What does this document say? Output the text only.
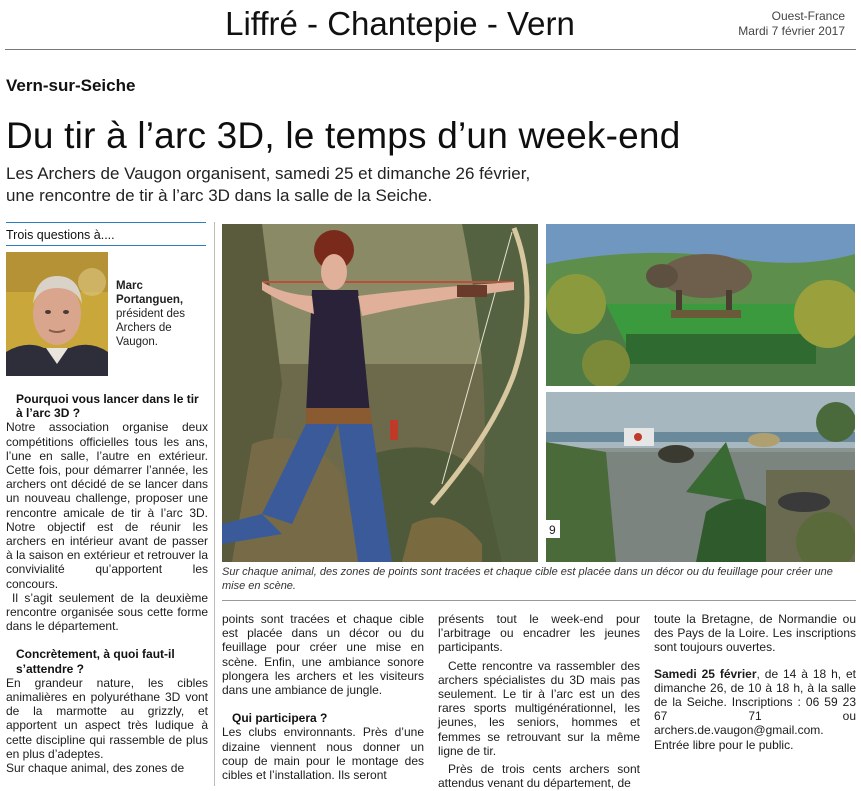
Liffré - Chantepie - Vern	Ouest-France
Mardi 7 février 2017
Vern-sur-Seiche
Du tir à l’arc 3D, le temps d’un week-end
Les Archers de Vaugon organisent, samedi 25 et dimanche 26 février,
une rencontre de tir à l’arc 3D dans la salle de la Seiche.
Trois questions à....
Marc
Portanguen,
président des
Archers de
Vaugon.

Pourquoi vous lancer dans le tir à l’arc 3D ?

Notre association organise deux compétitions officielles tous les ans, l’une en salle, l’autre en extérieur. Cette fois, pour démarrer l’année, les archers ont décidé de se lancer dans un nouveau challenge, proposer une rencontre amicale de tir à l’arc 3D. Notre objectif est de réunir les archers en intérieur avant de passer à la saison en extérieur et retrouver la convivialité qu’apportent les concours.

Il s’agit seulement de la deuxième rencontre organisée sous cette forme dans le département.

Concrètement, à quoi faut-il s’attendre ?

En grandeur nature, les cibles animalières en polyuréthane 3D vont de la marmotte au grizzly, et apportent un aspect très ludique à cette discipline qui rassemble de plus en plus d’adeptes.

Sur chaque animal, des zones de

9
Sur chaque animal, des zones de points sont tracées et chaque cible est placée dans un décor ou du feuillage pour créer une mise en scène.

points sont tracées et chaque cible est placée dans un décor ou du feuillage pour créer une mise en scène. Enfin, une ambiance sonore plongera les archers et les visiteurs dans une ambiance de jungle.

Qui participera ?

Les clubs environnants. Près d’une dizaine viennent nous donner un coup de main pour le montage des cibles et l’installation. Ils seront

présents tout le week-end pour l’arbitrage ou encadrer les jeunes participants.

Cette rencontre va rassembler des archers spécialistes du 3D mais pas seulement. Le tir à l’arc est un des rares sports multigénérationnel, les jeunes, les seniors, hommes et femmes se retrouvant sur la même ligne de tir.

Près de trois cents archers sont attendus venant du département, de

toute la Bretagne, de Normandie ou des Pays de la Loire. Les inscriptions sont toujours ouvertes.

Samedi 25 février, de 14 à 18 h, et dimanche 26, de 10 à 18 h, à la salle de la Seiche. Inscriptions : 06 59 23 67 71 ou archers.de.vaugon@gmail.com. Entrée libre pour le public.
